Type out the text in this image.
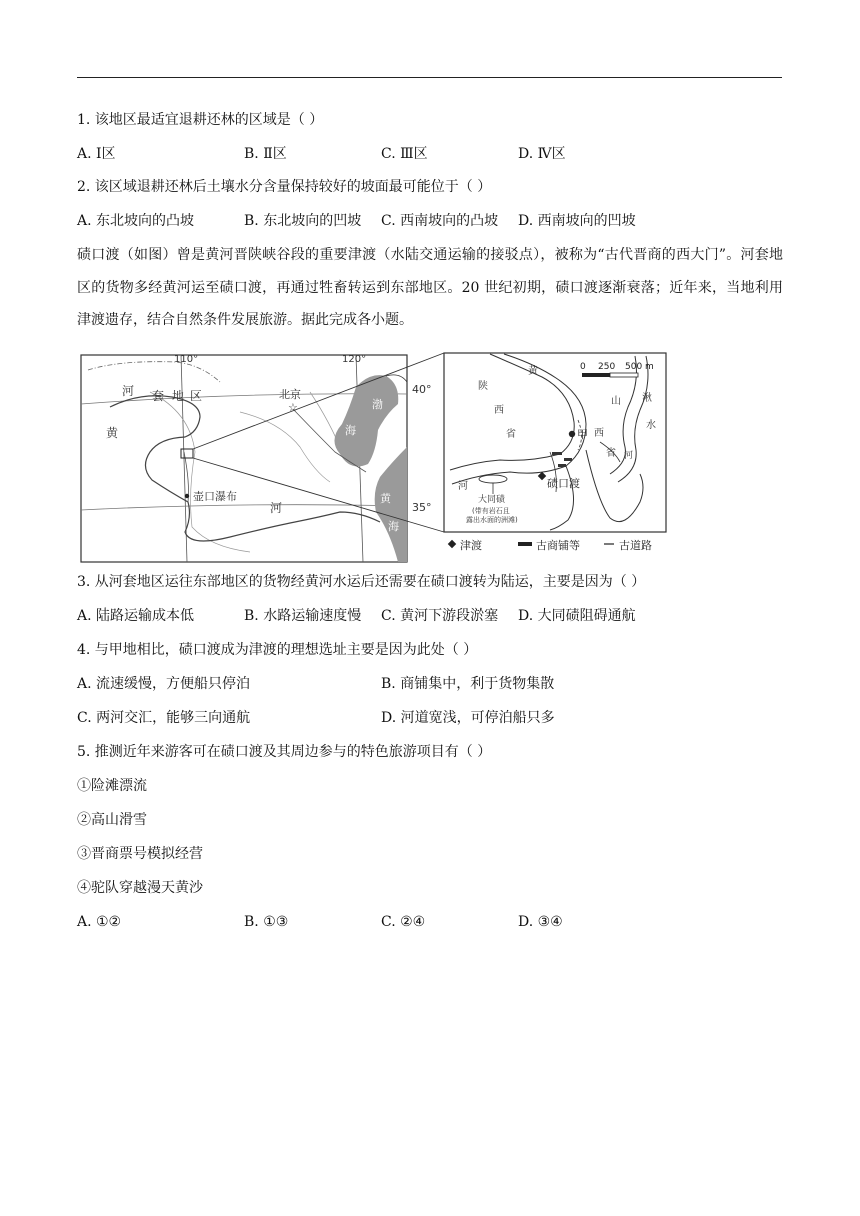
1. 该地区最适宜退耕还林的区域是（ ）
A. Ⅰ区	B. Ⅱ区	C. Ⅲ区	D. Ⅳ区
2. 该区域退耕还林后土壤水分含量保持较好的坡面最可能位于（ ）
A. 东北坡向的凸坡	B. 东北坡向的凹坡 C. 西南坡向的凸坡 D. 西南坡向的凹坡
碛口渡（如图）曾是黄河晋陕峡谷段的重要津渡（水陆交通运输的接驳点），被称为“古代晋商的西大门”。河套地区的货物多经黄河运至碛口渡，再通过牲畜转运到东部地区。20 世纪初期，碛口渡逐渐衰落；近年来，当地利用津渡遗存，结合自然条件发展旅游。据此完成各小题。
110°	120°
河 套 地 区
黄
河
北京
☆	渤
海
黄
海
壶口瀑布
40°
35°
0 250 500 m
陕
西
省
山
西
省
湫
水
河
黄
河
甲
碛口渡
大同碛
(带有岩石且
露出水面的洲滩)
津渡	古商铺等	古道路
3. 从河套地区运往东部地区的货物经黄河水运后还需要在碛口渡转为陆运，主要是因为（ ）
A. 陆路运输成本低	B. 水路运输速度慢 C. 黄河下游段淤塞 D. 大同碛阻碍通航
4. 与甲地相比，碛口渡成为津渡的理想选址主要是因为此处（ ）
A. 流速缓慢，方便船只停泊	B. 商铺集中，利于货物集散
C. 两河交汇，能够三向通航	D. 河道宽浅，可停泊船只多
5. 推测近年来游客可在碛口渡及其周边参与的特色旅游项目有（ ）
①险滩漂流
②高山滑雪
③晋商票号模拟经营
④驼队穿越漫天黄沙
A. ①②	B. ①③	C. ②④	D. ③④
